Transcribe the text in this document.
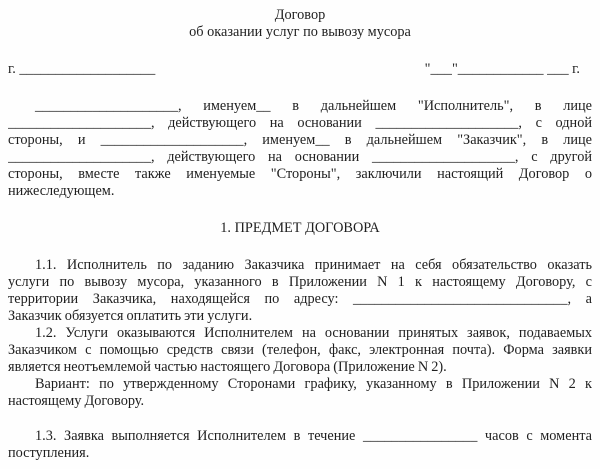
Договор
об оказании услуг по вывозу мусора
г. ___________________	"___"____________ ___ г.
____________________, именуем__ в дальнейшем "Исполнитель", в лице
____________________, действующего на основании ____________________, с одной
стороны, и ____________________, именуем__ в дальнейшем "Заказчик", в лице
____________________, действующего на основании ____________________, с другой
стороны, вместе также именуемые "Стороны", заключили настоящий Договор о
нижеследующем.
1. ПРЕДМЕТ ДОГОВОРА
1.1. Исполнитель по заданию Заказчика принимает на себя обязательство оказать
услуги по вывозу мусора, указанного в Приложении N 1 к настоящему Договору, с
территории Заказчика, находящейся по адресу: ______________________________, а
Заказчик обязуется оплатить эти услуги.
1.2. Услуги оказываются Исполнителем на основании принятых заявок, подаваемых
Заказчиком с помощью средств связи (телефон, факс, электронная почта). Форма заявки
является неотъемлемой частью настоящего Договора (Приложение N 2).
Вариант: по утвержденному Сторонами графику, указанному в Приложении N 2 к
настоящему Договору.
1.3. Заявка выполняется Исполнителем в течение ________________ часов с момента
поступления.
